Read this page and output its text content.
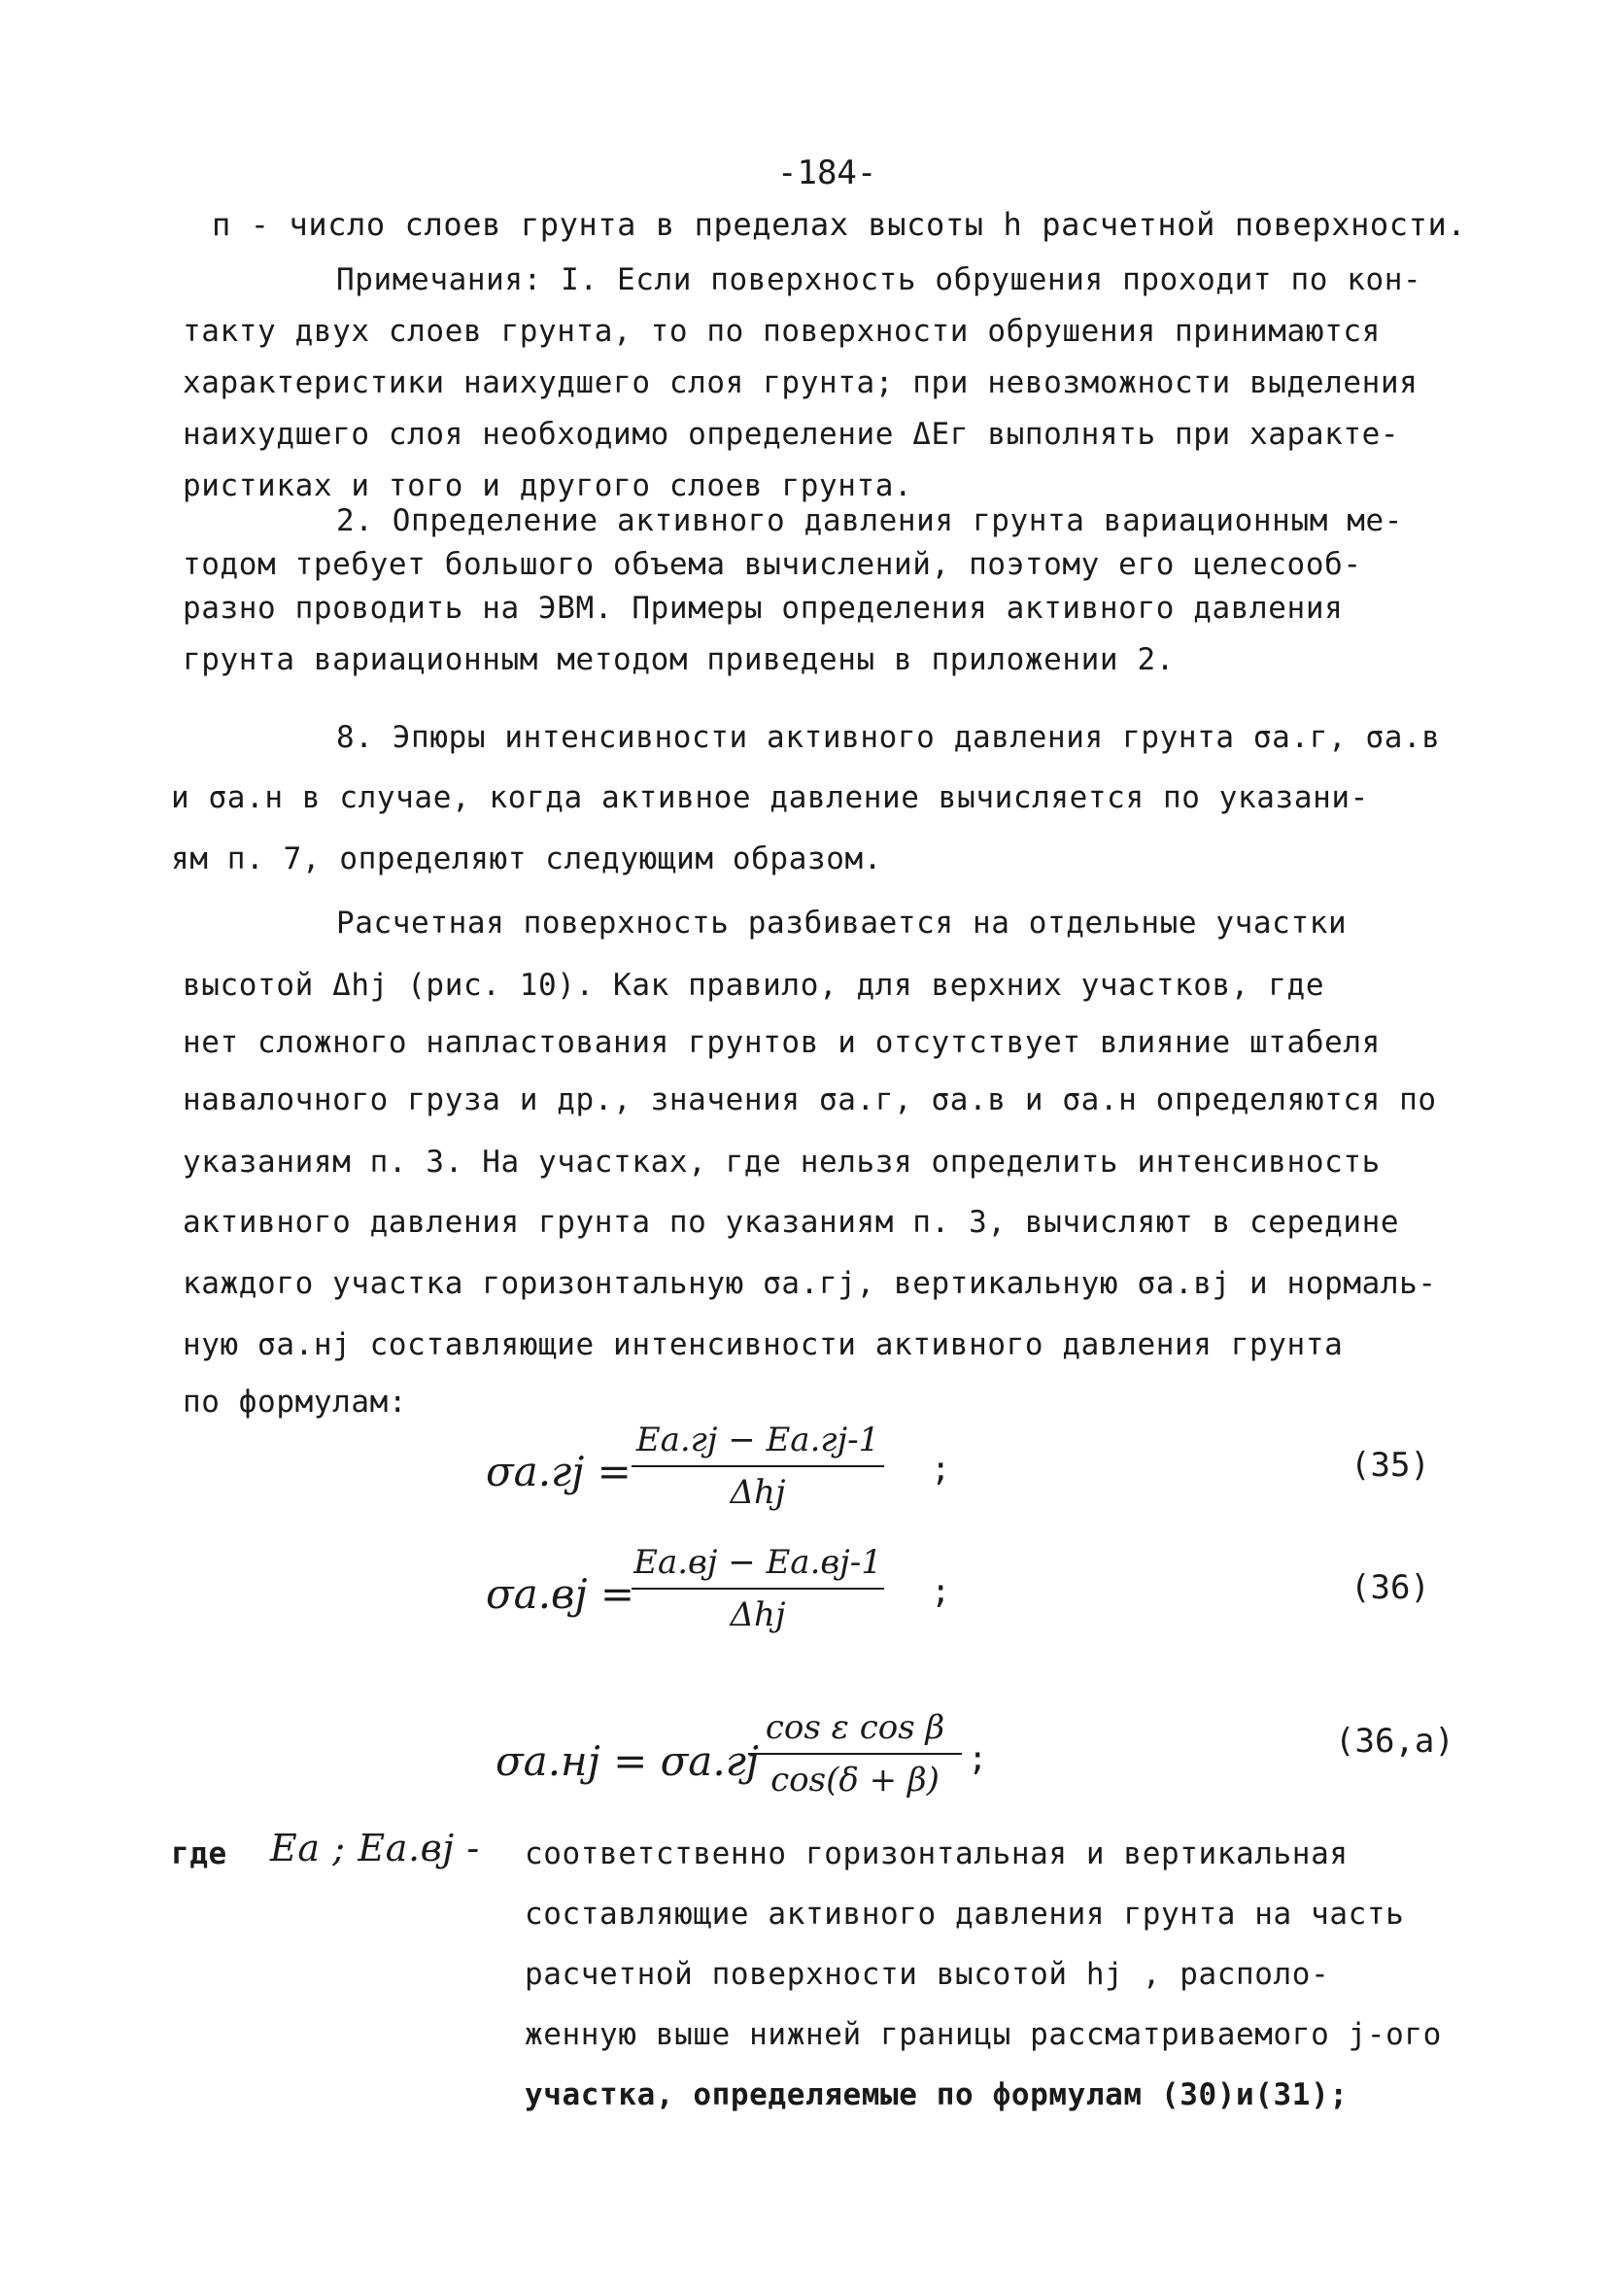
-184-
п - число слоев грунта в пределах высоты h расчетной поверхности.
Примечания: I. Если поверхность обрушения проходит по кон-
такту двух слоев грунта, то по поверхности обрушения принимаются
характеристики наихудшего слоя грунта; при невозможности выделения
наихудшего слоя необходимо определение ΔEг выполнять при характе-
ристиках и того и другого слоев грунта.
2. Определение активного давления грунта вариационным ме-
тодом требует большого объема вычислений, поэтому его целесооб-
разно проводить на ЭВМ. Примеры определения активного давления
грунта вариационным методом приведены в приложении 2.
8. Эпюры интенсивности активного давления грунта σa.г, σa.в
и σa.н в случае, когда активное давление вычисляется по указани-
ям п. 7, определяют следующим образом.
Расчетная поверхность разбивается на отдельные участки
высотой Δhj (рис. 10). Как правило, для верхних участков, где
нет сложного напластования грунтов и отсутствует влияние штабеля
навалочного груза и др., значения σa.г, σa.в и σa.н определяются по
указаниям п. 3. На участках, где нельзя определить интенсивность
активного давления грунта по указаниям п. 3, вычисляют в середине
каждого участка горизонтальную σa.гj, вертикальную σa.вj и нормаль-
ную σa.нj составляющие интенсивности активного давления грунта
по формулам:
σa.гj =
Ea.гj − Ea.гj-1
Δhj
;	(35)
σa.вj =
Ea.вj − Ea.вj-1
Δhj
;	(36)
σa.нj = σa.гj
cos ε cos β
cos(δ + β)
;	(36,a)
где Ea ; Ea.вj - соответственно горизонтальная и вертикальная
составляющие активного давления грунта на часть
расчетной поверхности высотой hj , располо-
женную выше нижней границы рассматриваемого j-ого
участка, определяемые по формулам (30)и(31);
